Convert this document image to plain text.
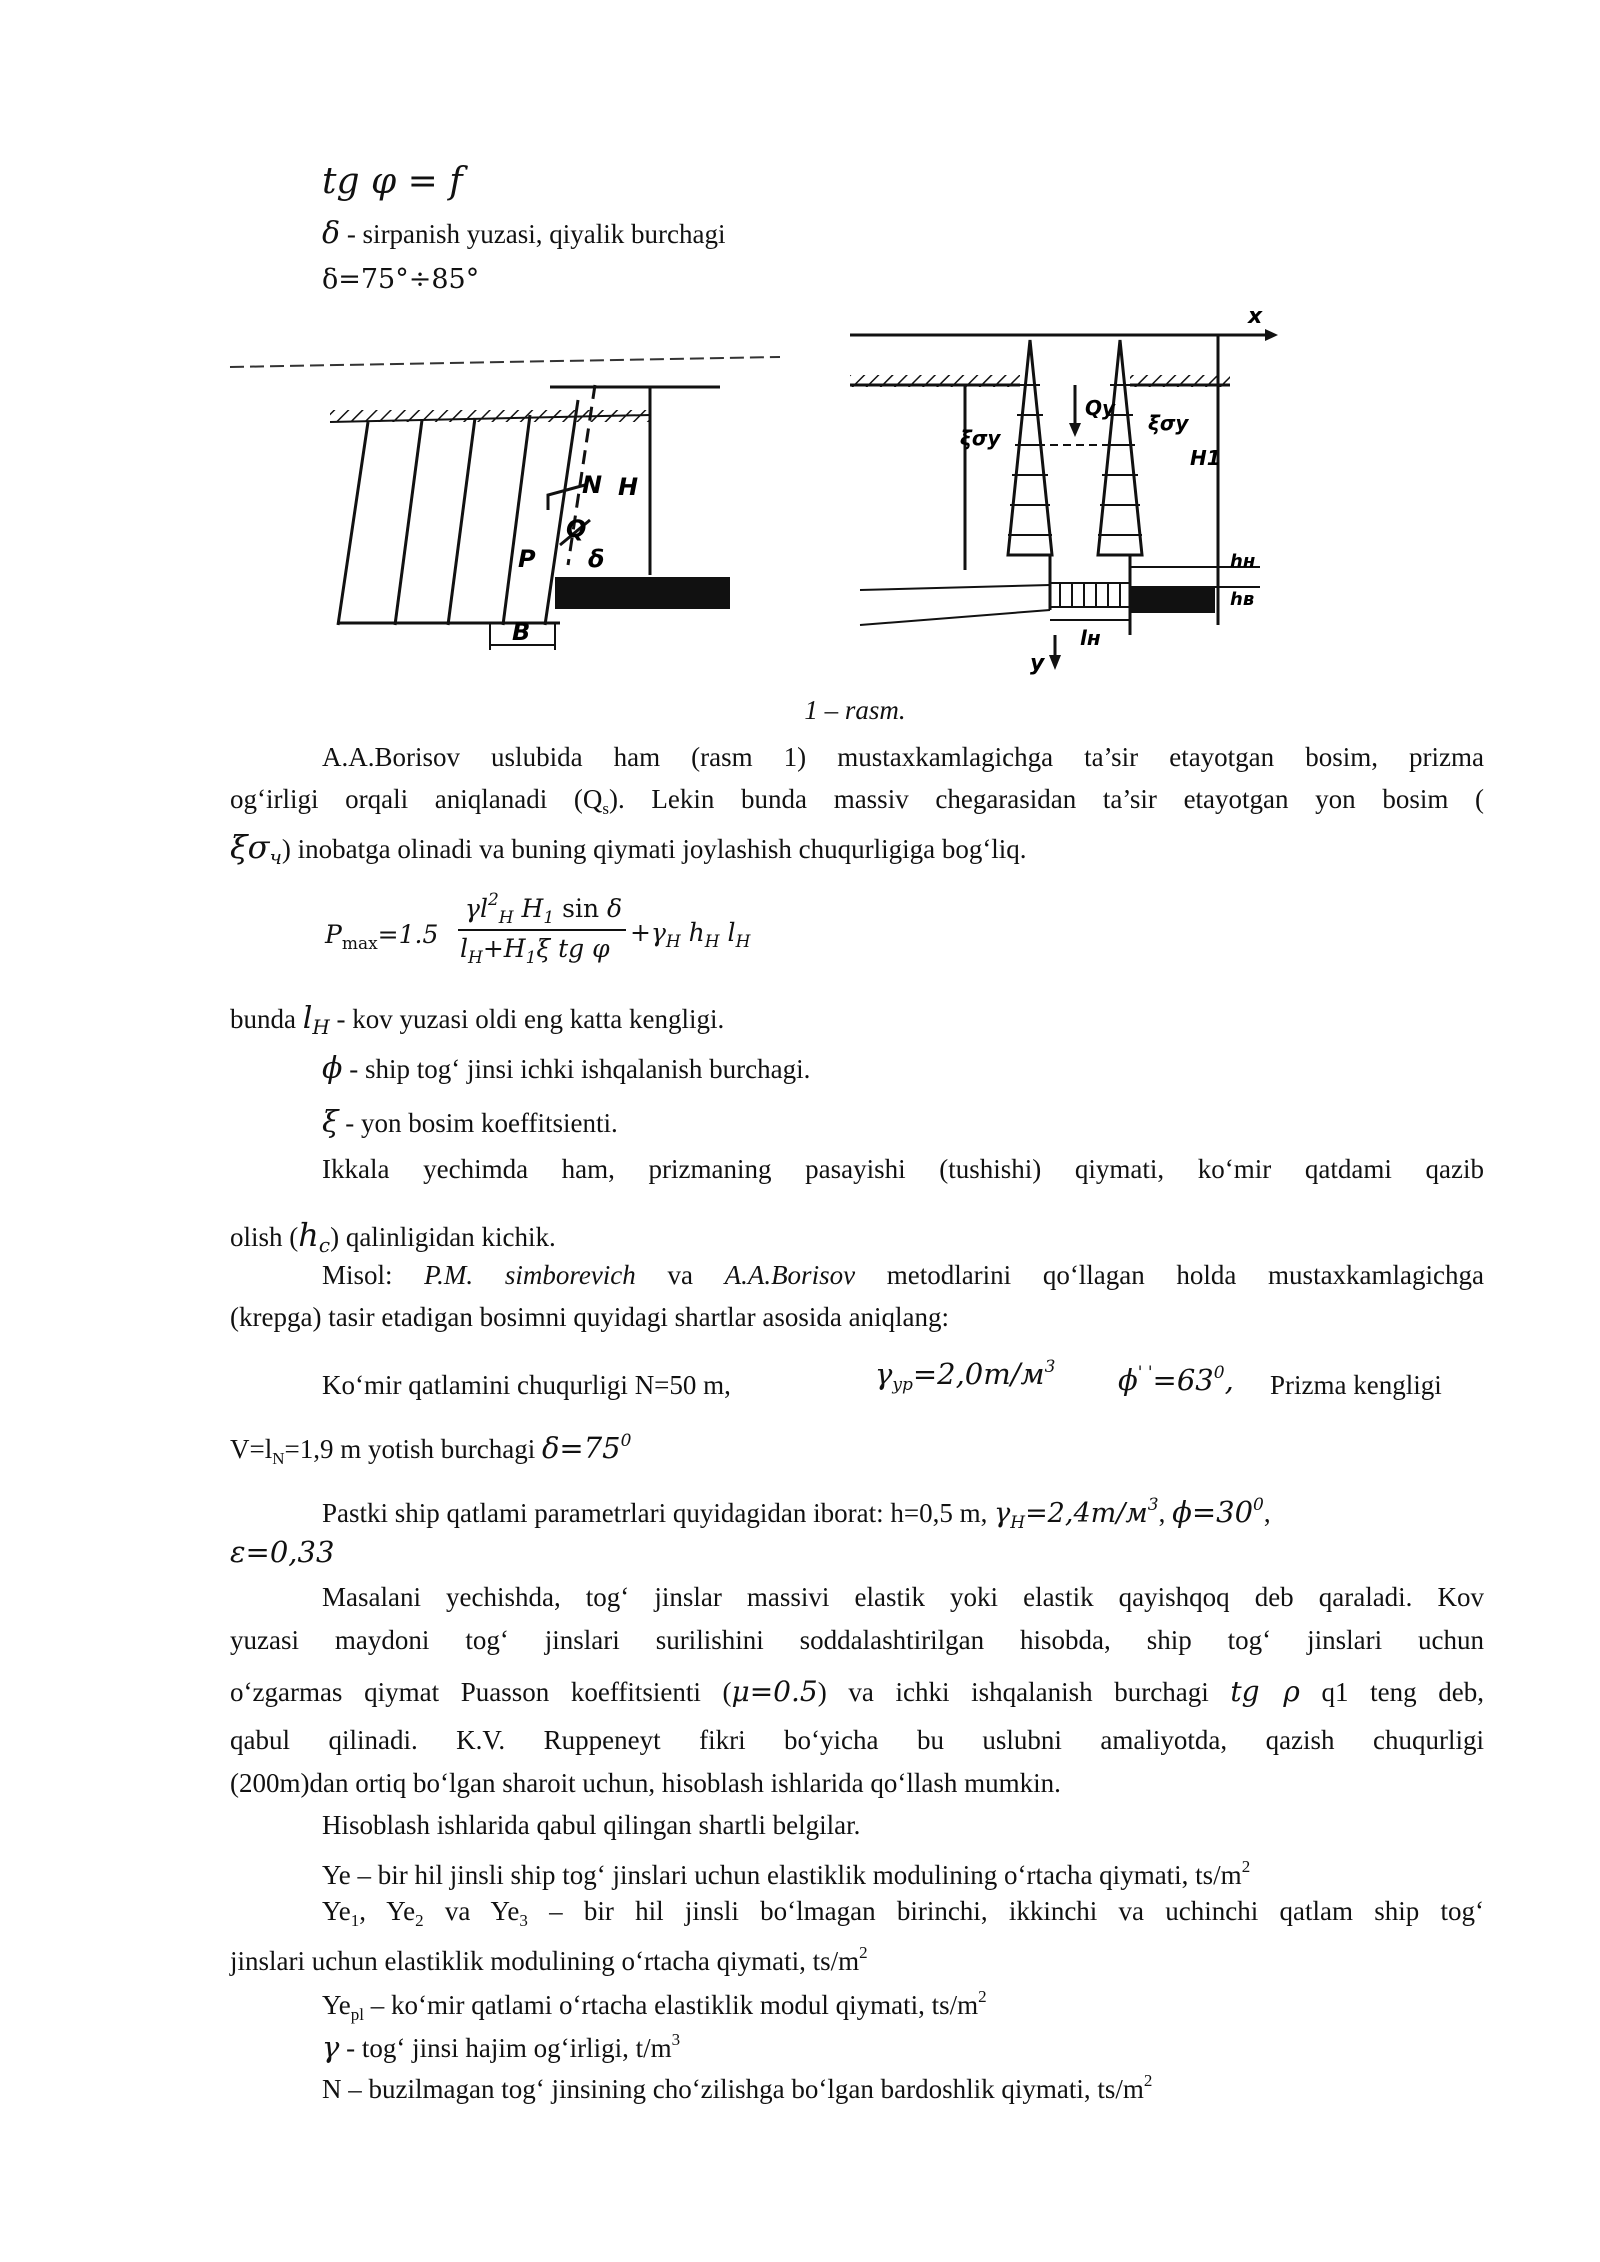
tg φ = f
δ - sirpanish yuzasi, qiyalik burchagi
δ=75°÷85°
N H
P
Q
δ
B
x
Qy
ξσy
ξσy
H1
lн
hн
hв
y
1 – rasm.
A.A.Borisov uslubida ham (rasm 1) mustaxkamlagichga ta’sir etayotgan bosim, prizma
og‘irligi orqali aniqlanadi $(Q_s)$. Lekin bunda massiv chegarasidan ta’sir etayotgan yon bosim (
$\xi\sigma_ч$) inobatga olinadi va buning qiymati joylashish chuqurligiga bog‘liq.
$P_{max}=1.5$
$\gamma l^2_H$ $H_1$ sin δ
$l_H+H_1\xi$ tg φ
$+\gamma_H$ $h_H$ $l_H$
bunda $l_H$ - kov yuzasi oldi eng katta kengligi.
ϕ - ship tog‘ jinsi ichki ishqalanish burchagi.
ξ - yon bosim koeffitsienti.
Ikkala yechimda ham, prizmaning pasayishi (tushishi) qiymati, ko‘mir qatdami qazib
olish $(h_c)$ qalinligidan kichik.
Misol: P.M. simborevich va A.A.Borisov metodlarini qo‘llagan holda mustaxkamlagichga
(krepga) tasir etadigan bosimni quyidagi shartlar asosida aniqlang:
Ko‘mir qatlamini chuqurligi N=50 m,	$\gamma_{yp}=2,0m/м^3$ $\phi^{' '}=63^0$, Prizma kengligi
$V=l_N=1,9$ m yotish burchagi $\delta=75^0$
Pastki ship qatlami parametrlari quyidagidan iborat: h=0,5 m, $\gamma_H=2,4m/м^3$, $\phi=30^0$,
ε=0,33
Masalani yechishda, tog‘ jinslar massivi elastik yoki elastik qayishqoq deb qaraladi. Kov
yuzasi maydoni tog‘ jinslari surilishini soddalashtirilgan hisobda, ship tog‘ jinslari uchun
o‘zgarmas qiymat Puasson koeffitsienti (μ=0.5) va ichki ishqalanish burchagi tg ρ q1 teng deb,
qabul qilinadi. K.V. Ruppeneyt fikri bo‘yicha bu uslubni amaliyotda, qazish chuqurligi
(200m)dan ortiq bo‘lgan sharoit uchun, hisoblash ishlarida qo‘llash mumkin.
Hisoblash ishlarida qabul qilingan shartli belgilar.
Ye – bir hil jinsli ship tog‘ jinslari uchun elastiklik modulining o‘rtacha qiymati, $ts/m^2$
$Ye_1$, $Ye_2$ va $Ye_3$ – bir hil jinsli bo‘lmagan birinchi, ikkinchi va uchinchi qatlam ship tog‘
jinslari uchun elastiklik modulining o‘rtacha qiymati, $ts/m^2$
$Ye_{pl}$ – ko‘mir qatlami o‘rtacha elastiklik modul qiymati, $ts/m^2$
γ - tog‘ jinsi hajim og‘irligi, $t/m^3$
N – buzilmagan tog‘ jinsining cho‘zilishga bo‘lgan bardoshlik qiymati, $ts/m^2$
